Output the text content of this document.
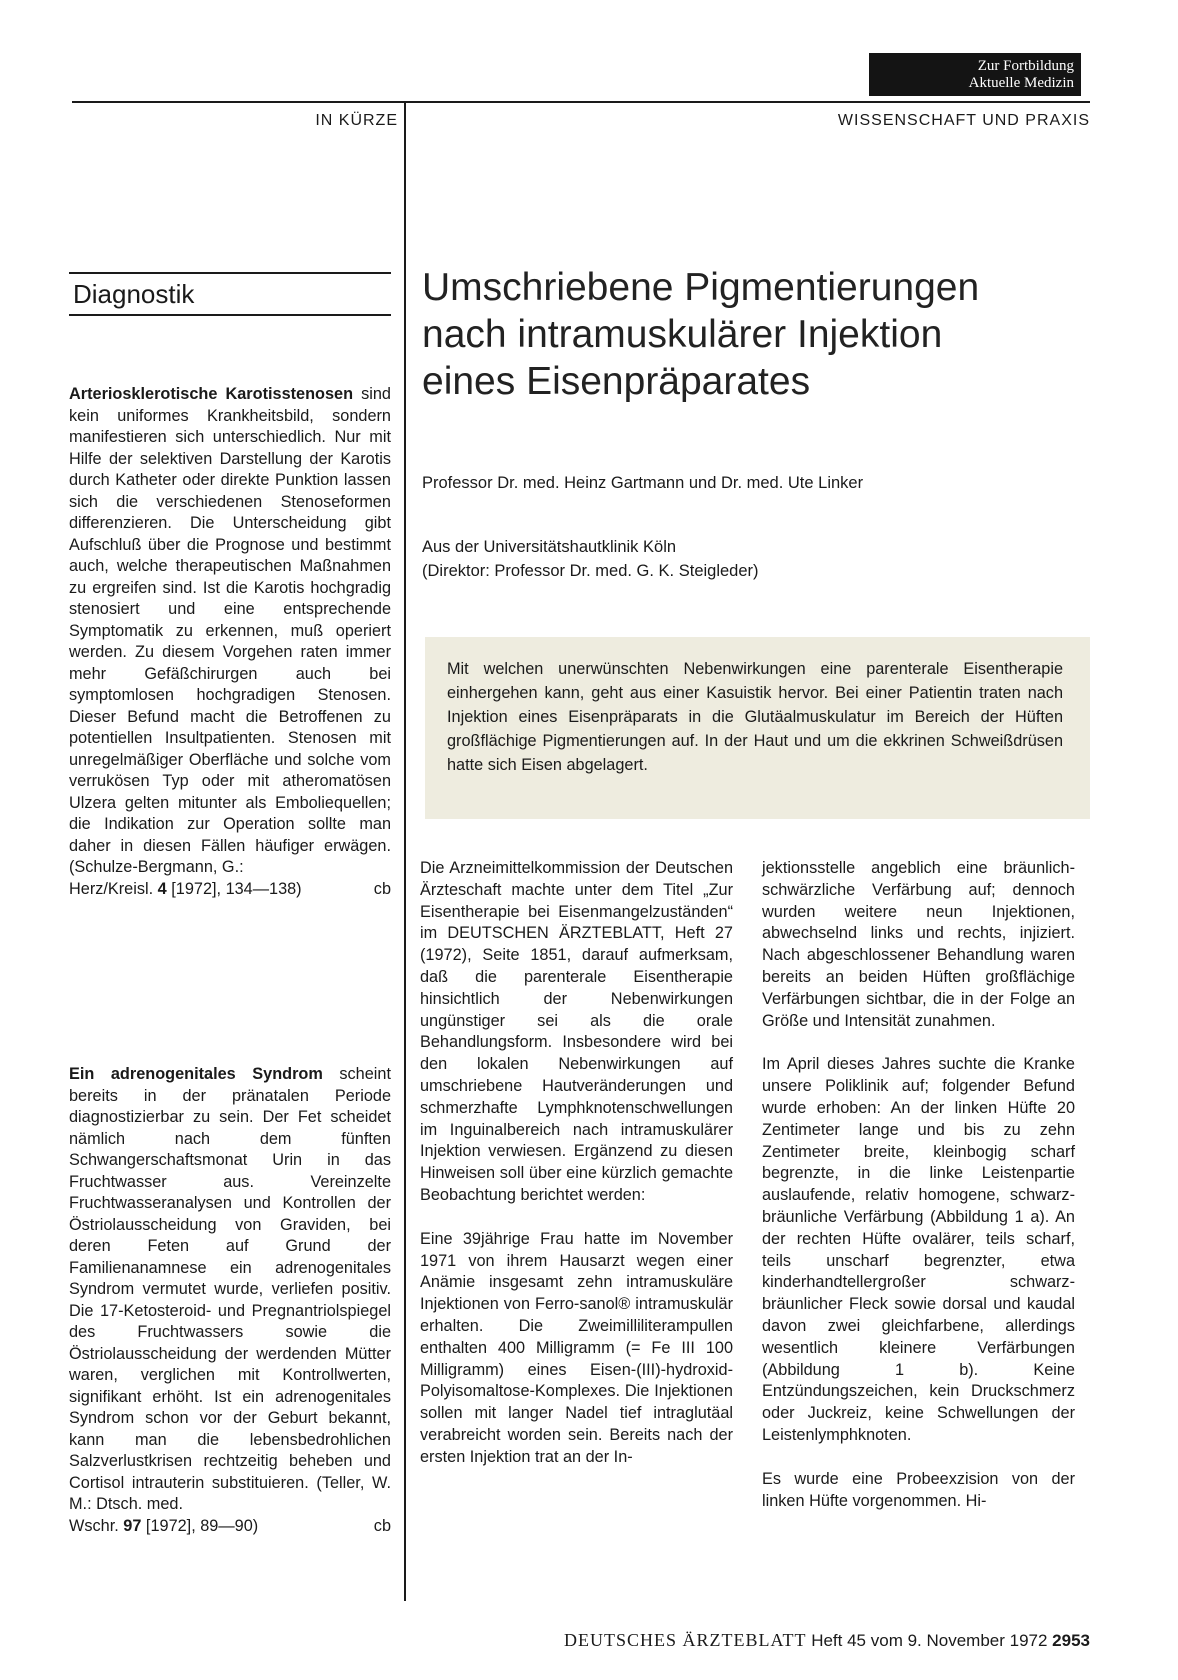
Zur Fortbildung
Aktuelle Medizin
IN KÜRZE	WISSENSCHAFT UND PRAXIS
Diagnostik

Arteriosklerotische Karotisstenosen sind kein uniformes Krankheitsbild, sondern manifestieren sich unterschiedlich. Nur mit Hilfe der selektiven Darstellung der Karotis durch Katheter oder direkte Punktion lassen sich die verschiedenen Stenoseformen differenzieren. Die Unterscheidung gibt Aufschluß über die Prognose und bestimmt auch, welche therapeutischen Maßnahmen zu ergreifen sind. Ist die Karotis hochgradig stenosiert und eine entsprechende Symptomatik zu erkennen, muß operiert werden. Zu diesem Vorgehen raten immer mehr Gefäßchirurgen auch bei symptomlosen hochgradigen Stenosen. Dieser Befund macht die Betroffenen zu potentiellen Insultpatienten. Stenosen mit unregelmäßiger Oberfläche und solche vom verrukösen Typ oder mit atheromatösen Ulzera gelten mitunter als Emboliequellen; die Indikation zur Operation sollte man daher in diesen Fällen häufiger erwägen. (Schulze-Bergmann, G.:

Herz/Kreisl. 4 [1972], 134—138)	cb

Ein adrenogenitales Syndrom scheint bereits in der pränatalen Periode diagnostizierbar zu sein. Der Fet scheidet nämlich nach dem fünften Schwangerschaftsmonat Urin in das Fruchtwasser aus. Vereinzelte Fruchtwasseranalysen und Kontrollen der Östriolausscheidung von Graviden, bei deren Feten auf Grund der Familienanamnese ein adrenogenitales Syndrom vermutet wurde, verliefen positiv. Die 17-Ketosteroid- und Pregnantriolspiegel des Fruchtwassers sowie die Östriolausscheidung der werdenden Mütter waren, verglichen mit Kontrollwerten, signifikant erhöht. Ist ein adrenogenitales Syndrom schon vor der Geburt bekannt, kann man die lebensbedrohlichen Salzverlustkrisen rechtzeitig beheben und Cortisol intrauterin substituieren. (Teller, W. M.: Dtsch. med.

Wschr. 97 [1972], 89—90)	cb
Umschriebene Pigmentierungen
nach intramuskulärer Injektion
eines Eisenpräparates
Professor Dr. med. Heinz Gartmann und Dr. med. Ute Linker
Aus der Universitätshautklinik Köln
(Direktor: Professor Dr. med. G. K. Steigleder)
Mit welchen unerwünschten Nebenwirkungen eine parenterale Eisentherapie einhergehen kann, geht aus einer Kasuistik hervor. Bei einer Patientin traten nach Injektion eines Eisenpräparats in die Glutäalmuskulatur im Bereich der Hüften großflächige Pigmentierungen auf. In der Haut und um die ekkrinen Schweißdrüsen hatte sich Eisen abgelagert.

Die Arzneimittelkommission der Deutschen Ärzteschaft machte unter dem Titel „Zur Eisentherapie bei Eisenmangelzuständen“ im DEUTSCHEN ÄRZTEBLATT, Heft 27 (1972), Seite 1851, darauf aufmerksam, daß die parenterale Eisentherapie hinsichtlich der Nebenwirkungen ungünstiger sei als die orale Behandlungsform. Insbesondere wird bei den lokalen Nebenwirkungen auf umschriebene Hautveränderungen und schmerzhafte Lymphknotenschwellungen im Inguinalbereich nach intramuskulärer Injektion verwiesen. Ergänzend zu diesen Hinweisen soll über eine kürzlich gemachte Beobachtung berichtet werden:

Eine 39jährige Frau hatte im November 1971 von ihrem Hausarzt wegen einer Anämie insgesamt zehn intramuskuläre Injektionen von Ferro-sanol® intramuskulär erhalten. Die Zweimilliliterampullen enthalten 400 Milligramm (= Fe III 100 Milligramm) eines Eisen-(III)-hydroxid-Polyisomaltose-Komplexes. Die Injektionen sollen mit langer Nadel tief intraglutäal verabreicht worden sein. Bereits nach der ersten Injektion trat an der In-

jektionsstelle angeblich eine bräunlich-schwärzliche Verfärbung auf; dennoch wurden weitere neun Injektionen, abwechselnd links und rechts, injiziert. Nach abgeschlossener Behandlung waren bereits an beiden Hüften großflächige Verfärbungen sichtbar, die in der Folge an Größe und Intensität zunahmen.

Im April dieses Jahres suchte die Kranke unsere Poliklinik auf; folgender Befund wurde erhoben: An der linken Hüfte 20 Zentimeter lange und bis zu zehn Zentimeter breite, kleinbogig scharf begrenzte, in die linke Leistenpartie auslaufende, relativ homogene, schwarz-bräunliche Verfärbung (Abbildung 1 a). An der rechten Hüfte ovalärer, teils scharf, teils unscharf begrenzter, etwa kinderhandtellergroßer schwarz-bräunlicher Fleck sowie dorsal und kaudal davon zwei gleichfarbene, allerdings wesentlich kleinere Verfärbungen (Abbildung 1 b). Keine Entzündungszeichen, kein Druckschmerz oder Juckreiz, keine Schwellungen der Leistenlymphknoten.

Es wurde eine Probeexzision von der linken Hüfte vorgenommen. Hi-

DEUTSCHES ÄRZTEBLATT Heft 45 vom 9. November 1972 2953
